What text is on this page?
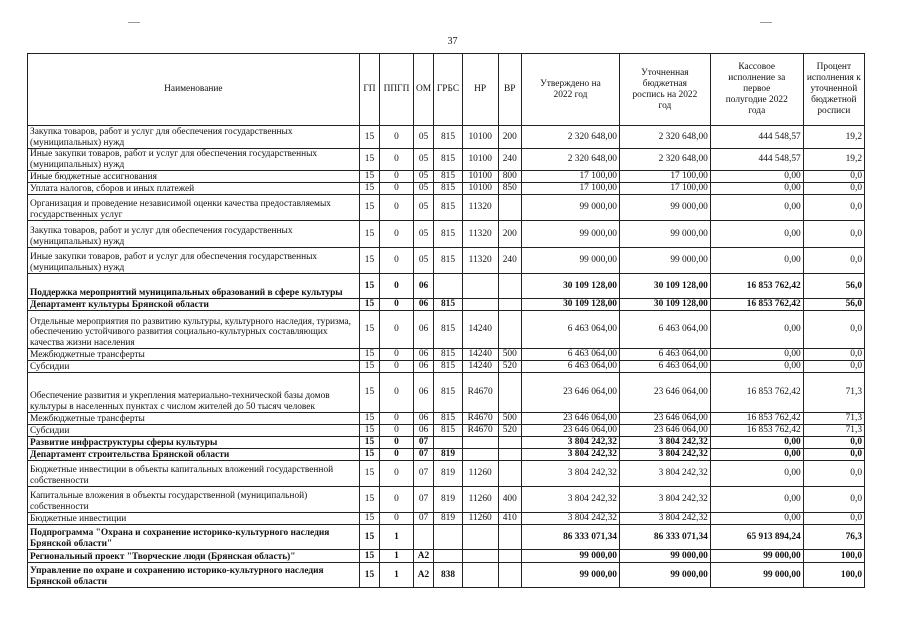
37
Наименование	ГП	ППГП	ОМ	ГРБС	НР	ВР	Утверждено на 2022 год	Уточненная бюджетная роспись на 2022 год	Кассовое исполнение за первое полугодие 2022 года	Процент исполнения к уточненной бюджетной росписи
Закупка товаров, работ и услуг для обеспечения государственных (муниципальных) нужд	15	0	05	815	10100	200	2 320 648,00	2 320 648,00	444 548,57	19,2
Иные закупки товаров, работ и услуг для обеспечения государственных (муниципальных) нужд	15	0	05	815	10100	240	2 320 648,00	2 320 648,00	444 548,57	19,2
Иные бюджетные ассигнования	15	0	05	815	10100	800	17 100,00	17 100,00	0,00	0,0
Уплата налогов, сборов и иных платежей	15	0	05	815	10100	850	17 100,00	17 100,00	0,00	0,0
Организация и проведение независимой оценки качества предоставляемых государственных услуг	15	0	05	815	11320		99 000,00	99 000,00	0,00	0,0
Закупка товаров, работ и услуг для обеспечения государственных (муниципальных) нужд	15	0	05	815	11320	200	99 000,00	99 000,00	0,00	0,0
Иные закупки товаров, работ и услуг для обеспечения государственных (муниципальных) нужд	15	0	05	815	11320	240	99 000,00	99 000,00	0,00	0,0
Поддержка мероприятий муниципальных образований в сфере культуры	15	0	06				30 109 128,00	30 109 128,00	16 853 762,42	56,0
Департамент культуры Брянской области	15	0	06	815			30 109 128,00	30 109 128,00	16 853 762,42	56,0
Отдельные мероприятия по развитию культуры, культурного наследия, туризма, обеспечению устойчивого развития социально-культурных составляющих качества жизни населения	15	0	06	815	14240		6 463 064,00	6 463 064,00	0,00	0,0
Межбюджетные трансферты	15	0	06	815	14240	500	6 463 064,00	6 463 064,00	0,00	0,0
Субсидии	15	0	06	815	14240	520	6 463 064,00	6 463 064,00	0,00	0,0
Обеспечение развития и укрепления материально-технической базы домов культуры в населенных пунктах с числом жителей до 50 тысяч человек	15	0	06	815	R4670		23 646 064,00	23 646 064,00	16 853 762,42	71,3
Межбюджетные трансферты	15	0	06	815	R4670	500	23 646 064,00	23 646 064,00	16 853 762,42	71,3
Субсидии	15	0	06	815	R4670	520	23 646 064,00	23 646 064,00	16 853 762,42	71,3
Развитие инфраструктуры сферы культуры	15	0	07				3 804 242,32	3 804 242,32	0,00	0,0
Департамент строительства Брянской области	15	0	07	819			3 804 242,32	3 804 242,32	0,00	0,0
Бюджетные инвестиции в объекты капитальных вложений государственной собственности	15	0	07	819	11260		3 804 242,32	3 804 242,32	0,00	0,0
Капитальные вложения в объекты государственной (муниципальной) собственности	15	0	07	819	11260	400	3 804 242,32	3 804 242,32	0,00	0,0
Бюджетные инвестиции	15	0	07	819	11260	410	3 804 242,32	3 804 242,32	0,00	0,0
Подпрограмма "Охрана и сохранение историко-культурного наследия Брянской области"	15	1					86 333 071,34	86 333 071,34	65 913 894,24	76,3
Региональный проект "Творческие люди (Брянская область)"	15	1	A2				99 000,00	99 000,00	99 000,00	100,0
Управление по охране и сохранению историко-культурного наследия Брянской области	15	1	A2	838			99 000,00	99 000,00	99 000,00	100,0
